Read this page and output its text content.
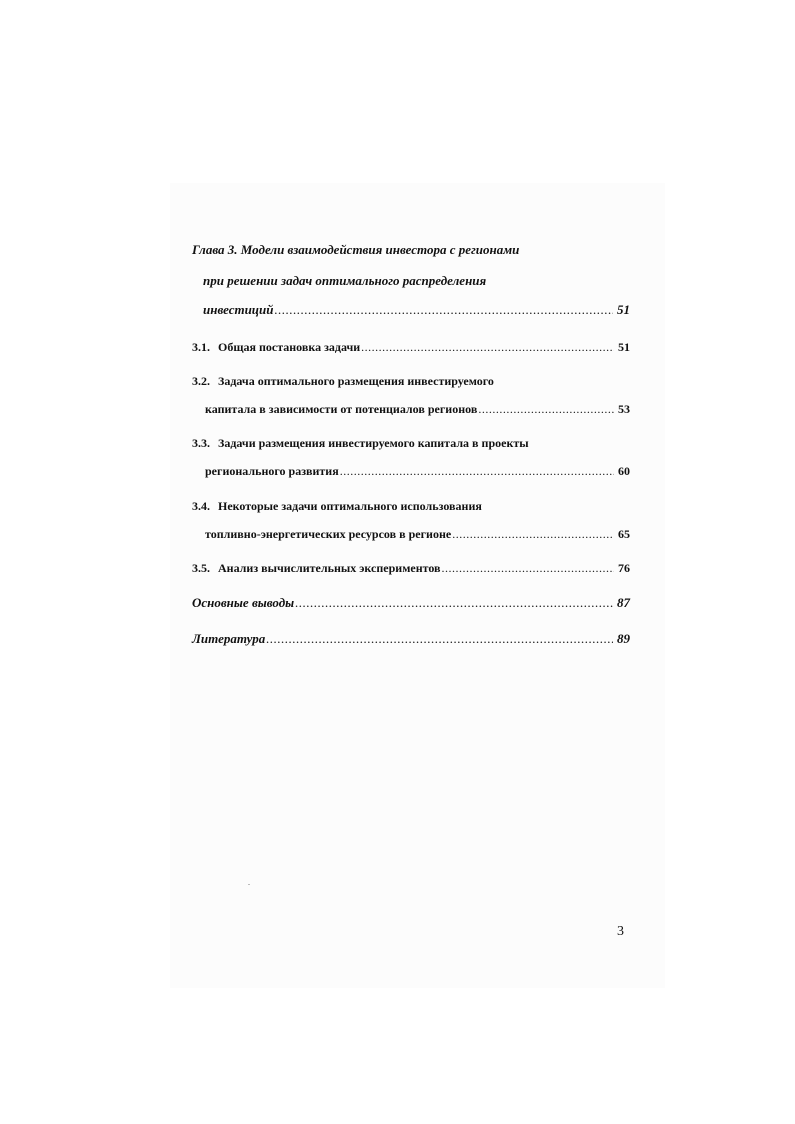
Глава 3. Модели взаимодействия инвестора с регионами
при решении задач оптимального распределения
инвестиций .....	51
3.1. Общая постановка задачи .....	51
3.2. Задача оптимального размещения инвестируемого
капитала в зависимости от потенциалов регионов .....	53
3.3. Задачи размещения инвестируемого капитала в проекты
регионального развития .....	60
3.4. Некоторые задачи оптимального использования
топливно-энергетических ресурсов в регионе .....	65
3.5. Анализ вычислительных экспериментов .....	76
Основные выводы .....	87
Литература .....	89
3
